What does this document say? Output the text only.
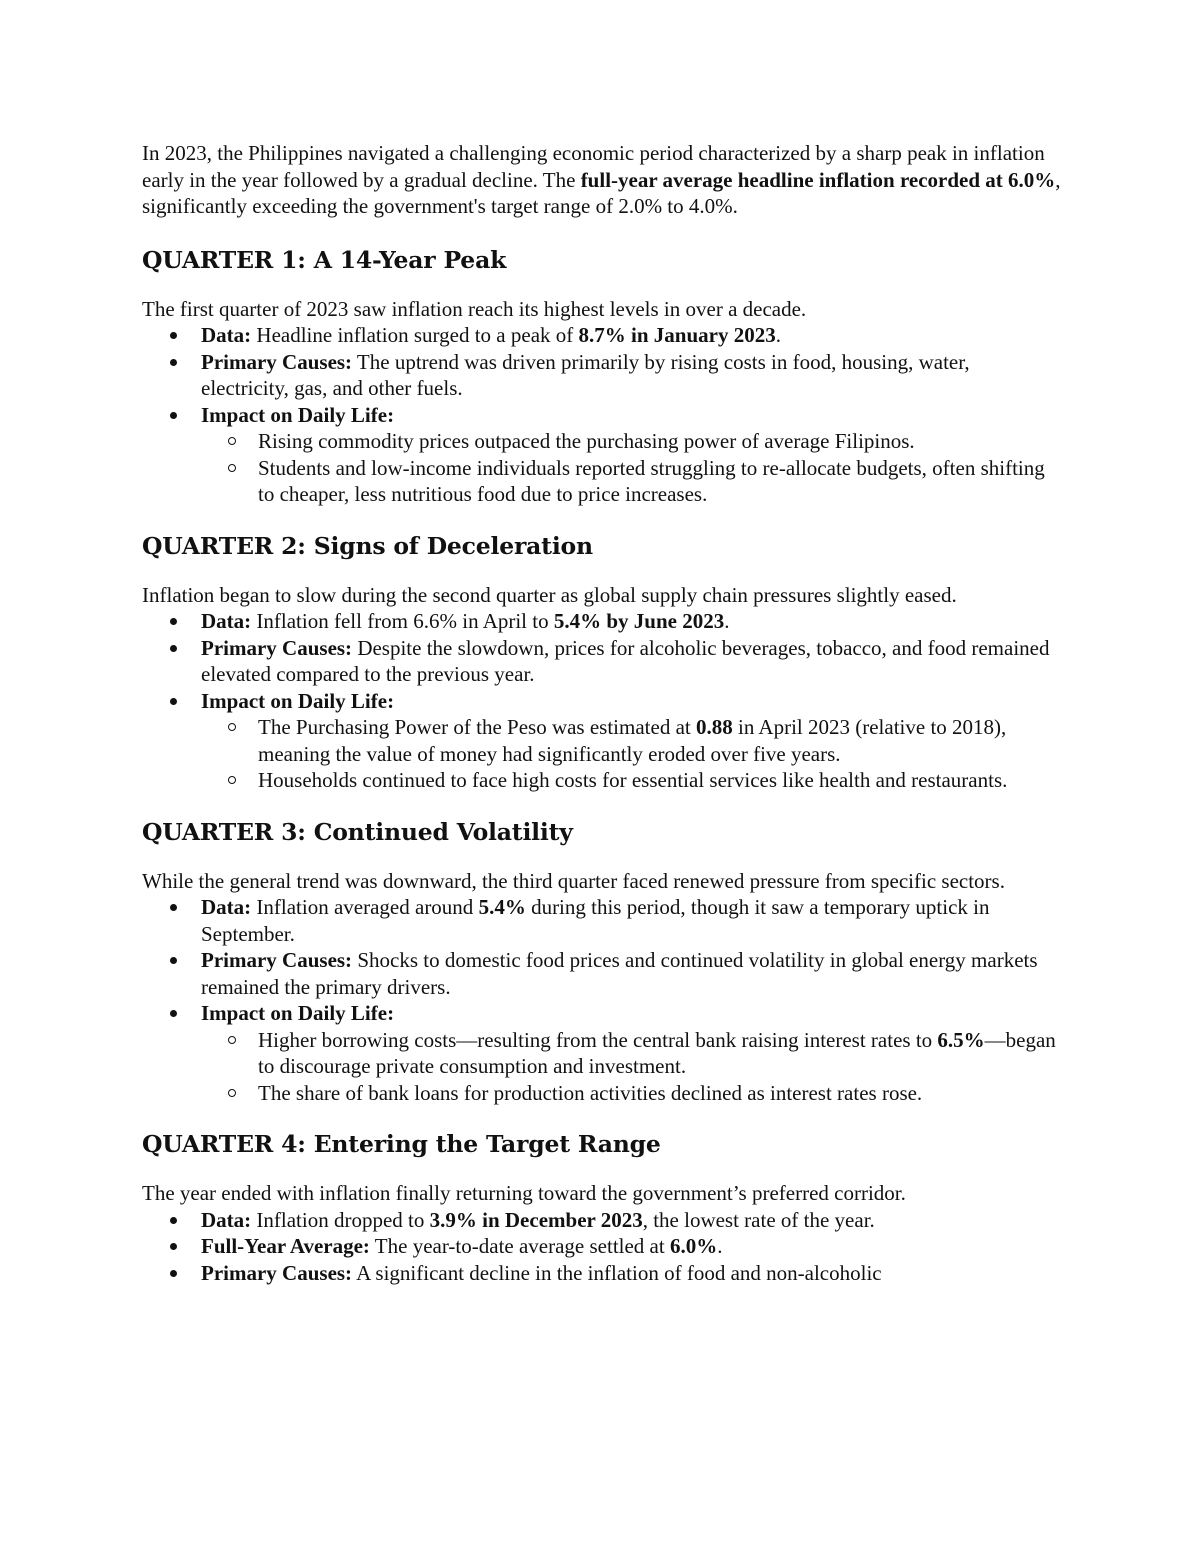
In 2023, the Philippines navigated a challenging economic period characterized by a sharp peak in inflation early in the year followed by a gradual decline. The full-year average headline inflation recorded at 6.0%, significantly exceeding the government's target range of 2.0% to 4.0%.

QUARTER 1: A 14-Year Peak

The first quarter of 2023 saw inflation reach its highest levels in over a decade.

Data: Headline inflation surged to a peak of 8.7% in January 2023.
Primary Causes: The uptrend was driven primarily by rising costs in food, housing, water, electricity, gas, and other fuels.
Impact on Daily Life:
Rising commodity prices outpaced the purchasing power of average Filipinos.
Students and low-income individuals reported struggling to re-allocate budgets, often shifting to cheaper, less nutritious food due to price increases.
QUARTER 2: Signs of Deceleration

Inflation began to slow during the second quarter as global supply chain pressures slightly eased.

Data: Inflation fell from 6.6% in April to 5.4% by June 2023.
Primary Causes: Despite the slowdown, prices for alcoholic beverages, tobacco, and food remained elevated compared to the previous year.
Impact on Daily Life:
The Purchasing Power of the Peso was estimated at 0.88 in April 2023 (relative to 2018), meaning the value of money had significantly eroded over five years.
Households continued to face high costs for essential services like health and restaurants.
QUARTER 3: Continued Volatility

While the general trend was downward, the third quarter faced renewed pressure from specific sectors.

Data: Inflation averaged around 5.4% during this period, though it saw a temporary uptick in September.
Primary Causes: Shocks to domestic food prices and continued volatility in global energy markets remained the primary drivers.
Impact on Daily Life:
Higher borrowing costs—resulting from the central bank raising interest rates to 6.5%—began to discourage private consumption and investment.
The share of bank loans for production activities declined as interest rates rose.
QUARTER 4: Entering the Target Range

The year ended with inflation finally returning toward the government’s preferred corridor.

Data: Inflation dropped to 3.9% in December 2023, the lowest rate of the year.
Full-Year Average: The year-to-date average settled at 6.0%.
Primary Causes: A significant decline in the inflation of food and non-alcoholic
